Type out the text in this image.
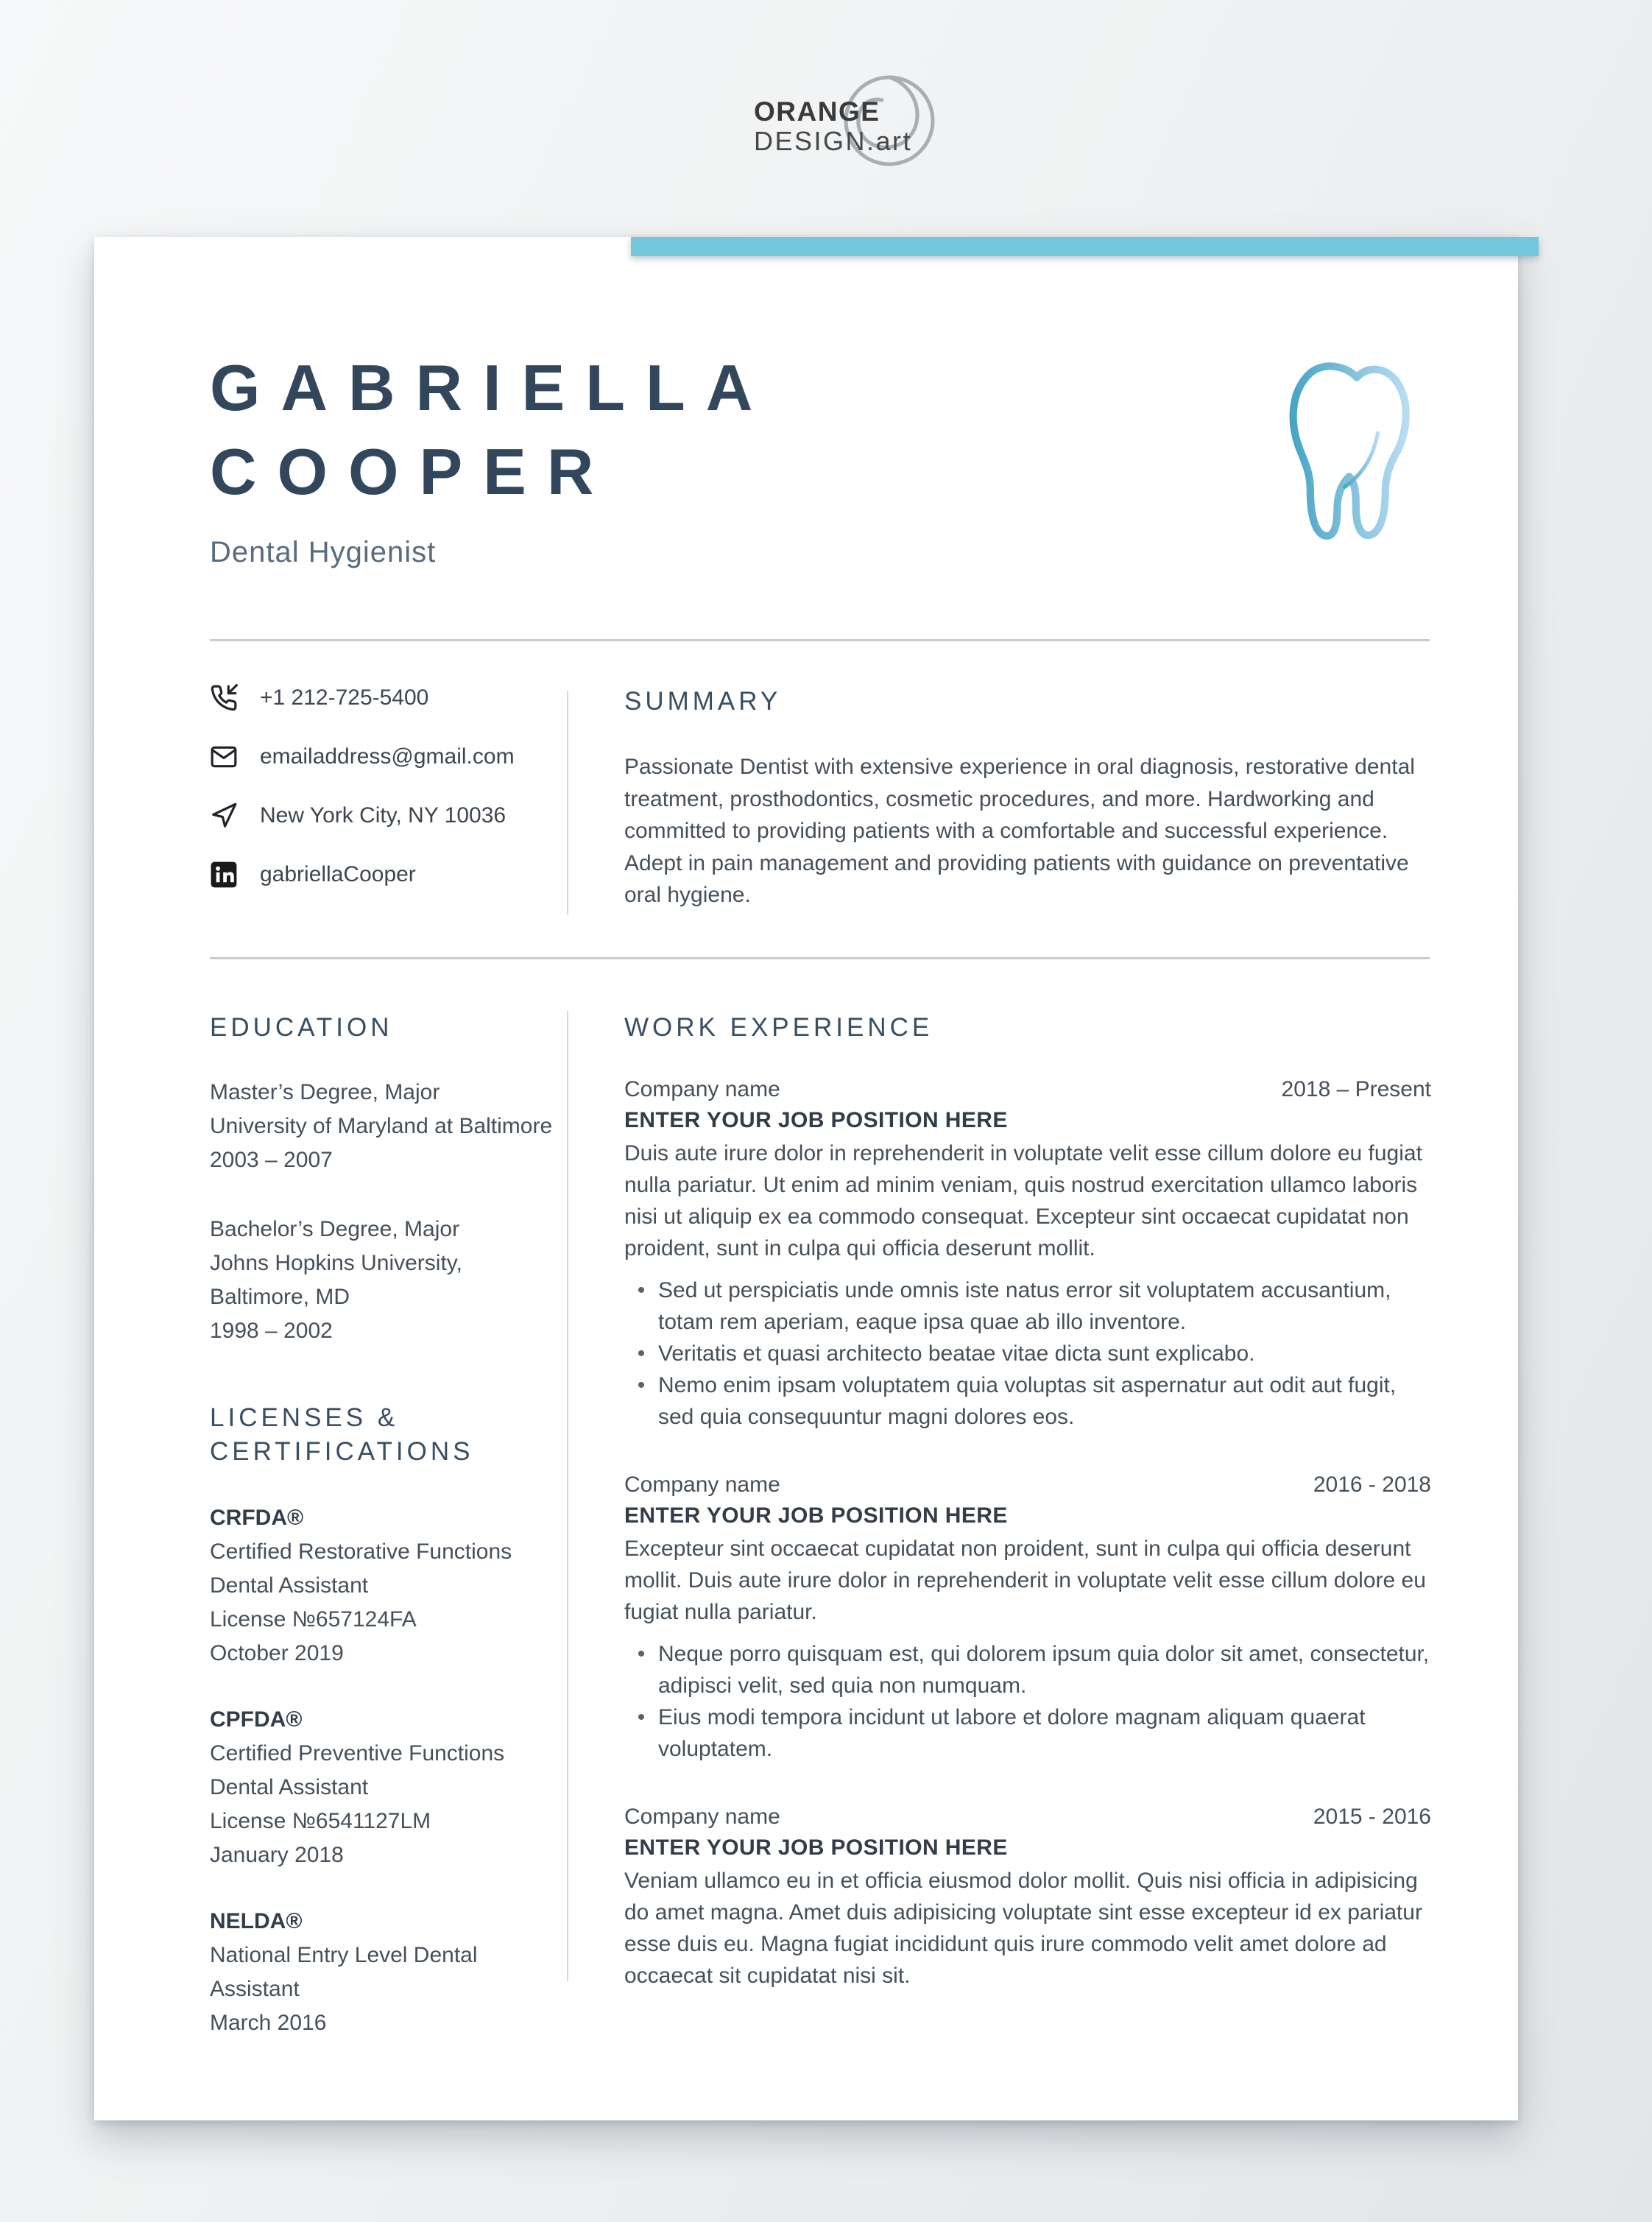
ORANGE
DESIGN.art
GABRIELLA
COOPER
Dental Hygienist
+1 212-725-5400
emailaddress@gmail.com
New York City, NY 10036
gabriellaCooper
SUMMARY

Passionate Dentist with extensive experience in oral diagnosis, restorative dental treatment, prosthodontics, cosmetic procedures, and more. Hardworking and committed to providing patients with a comfortable and successful experience. Adept in pain management and providing patients with guidance on preventative oral hygiene.

EDUCATION
Master’s Degree, Major
University of Maryland at Baltimore
2003 – 2007
Bachelor’s Degree, Major
Johns Hopkins University, Baltimore, MD
1998 – 2002
LICENSES & CERTIFICATIONS
CRFDA®
Certified Restorative Functions Dental Assistant
License №657124FA
October 2019
CPFDA®
Certified Preventive Functions Dental Assistant
License №6541127LM
January 2018
NELDA®
National Entry Level Dental Assistant
March 2016
WORK EXPERIENCE
Company name	2018 – Present
ENTER YOUR JOB POSITION HERE

Duis aute irure dolor in reprehenderit in voluptate velit esse cillum dolore eu fugiat nulla pariatur. Ut enim ad minim veniam, quis nostrud exercitation ullamco laboris nisi ut aliquip ex ea commodo consequat. Excepteur sint occaecat cupidatat non proident, sunt in culpa qui officia deserunt mollit.

• Sed ut perspiciatis unde omnis iste natus error sit voluptatem accusantium, totam rem aperiam, eaque ipsa quae ab illo inventore.
• Veritatis et quasi architecto beatae vitae dicta sunt explicabo.
• Nemo enim ipsam voluptatem quia voluptas sit aspernatur aut odit aut fugit, sed quia consequuntur magni dolores eos.
Company name	2016 - 2018
ENTER YOUR JOB POSITION HERE

Excepteur sint occaecat cupidatat non proident, sunt in culpa qui officia deserunt mollit. Duis aute irure dolor in reprehenderit in voluptate velit esse cillum dolore eu fugiat nulla pariatur.

• Neque porro quisquam est, qui dolorem ipsum quia dolor sit amet, consectetur, adipisci velit, sed quia non numquam.
• Eius modi tempora incidunt ut labore et dolore magnam aliquam quaerat voluptatem.
Company name	2015 - 2016
ENTER YOUR JOB POSITION HERE

Veniam ullamco eu in et officia eiusmod dolor mollit. Quis nisi officia in adipisicing do amet magna. Amet duis adipisicing voluptate sint esse excepteur id ex pariatur esse duis eu. Magna fugiat incididunt quis irure commodo velit amet dolore ad occaecat sit cupidatat nisi sit.
